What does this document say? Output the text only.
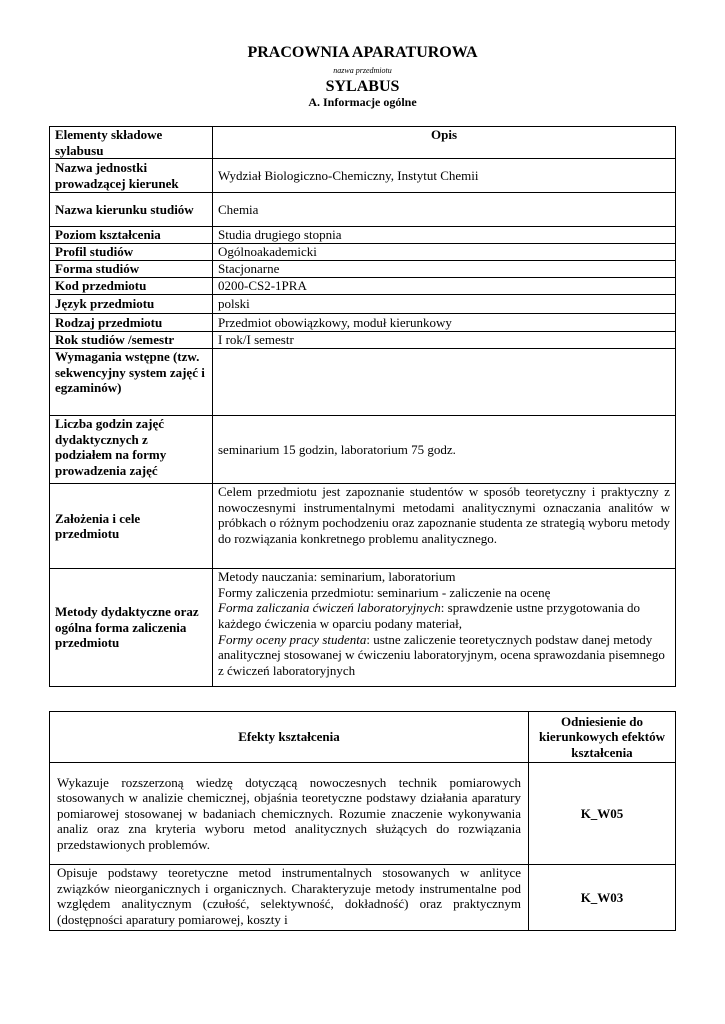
PRACOWNIA APARATUROWA
nazwa przedmiotu
SYLABUS
A. Informacje ogólne
Elementy składowe sylabusu	Opis
Nazwa jednostki prowadzącej kierunek	Wydział Biologiczno-Chemiczny, Instytut Chemii
Nazwa kierunku studiów	Chemia
Poziom kształcenia	Studia drugiego stopnia
Profil studiów	Ogólnoakademicki
Forma studiów	Stacjonarne
Kod przedmiotu	0200-CS2-1PRA
Język przedmiotu	polski
Rodzaj przedmiotu	Przedmiot obowiązkowy, moduł kierunkowy
Rok studiów /semestr	I rok/I semestr
Wymagania wstępne (tzw. sekwencyjny system zajęć i egzaminów)	
Liczba godzin zajęć dydaktycznych z podziałem na formy prowadzenia zajęć	seminarium 15 godzin, laboratorium 75 godz.
Założenia i cele przedmiotu	Celem przedmiotu jest zapoznanie studentów w sposób teoretyczny i praktyczny z nowoczesnymi instrumentalnymi metodami analitycznymi oznaczania analitów w próbkach o różnym pochodzeniu oraz zapoznanie studenta ze strategią wyboru metody do rozwiązania konkretnego problemu analitycznego.
Metody dydaktyczne oraz ogólna forma zaliczenia przedmiotu	Metody nauczania: seminarium, laboratorium
Formy zaliczenia przedmiotu: seminarium - zaliczenie na ocenę
Forma zaliczania ćwiczeń laboratoryjnych: sprawdzenie ustne przygotowania do każdego ćwiczenia w oparciu podany materiał,
Formy oceny pracy studenta: ustne zaliczenie teoretycznych podstaw danej metody analitycznej stosowanej w ćwiczeniu laboratoryjnym, ocena sprawozdania pisemnego z ćwiczeń laboratoryjnych
Efekty kształcenia	Odniesienie do kierunkowych efektów kształcenia
Wykazuje rozszerzoną wiedzę dotyczącą nowoczesnych technik pomiarowych stosowanych w analizie chemicznej, objaśnia teoretyczne podstawy działania aparatury pomiarowej stosowanej w badaniach chemicznych. Rozumie znaczenie wykonywania analiz oraz zna kryteria wyboru metod analitycznych służących do rozwiązania przedstawionych problemów.	K_W05
Opisuje podstawy teoretyczne metod instrumentalnych stosowanych w anlityce związków nieorganicznych i organicznych. Charakteryzuje metody instrumentalne pod względem analitycznym (czułość, selektywność, dokładność) oraz praktycznym (dostępności aparatury pomiarowej, koszty i	K_W03
